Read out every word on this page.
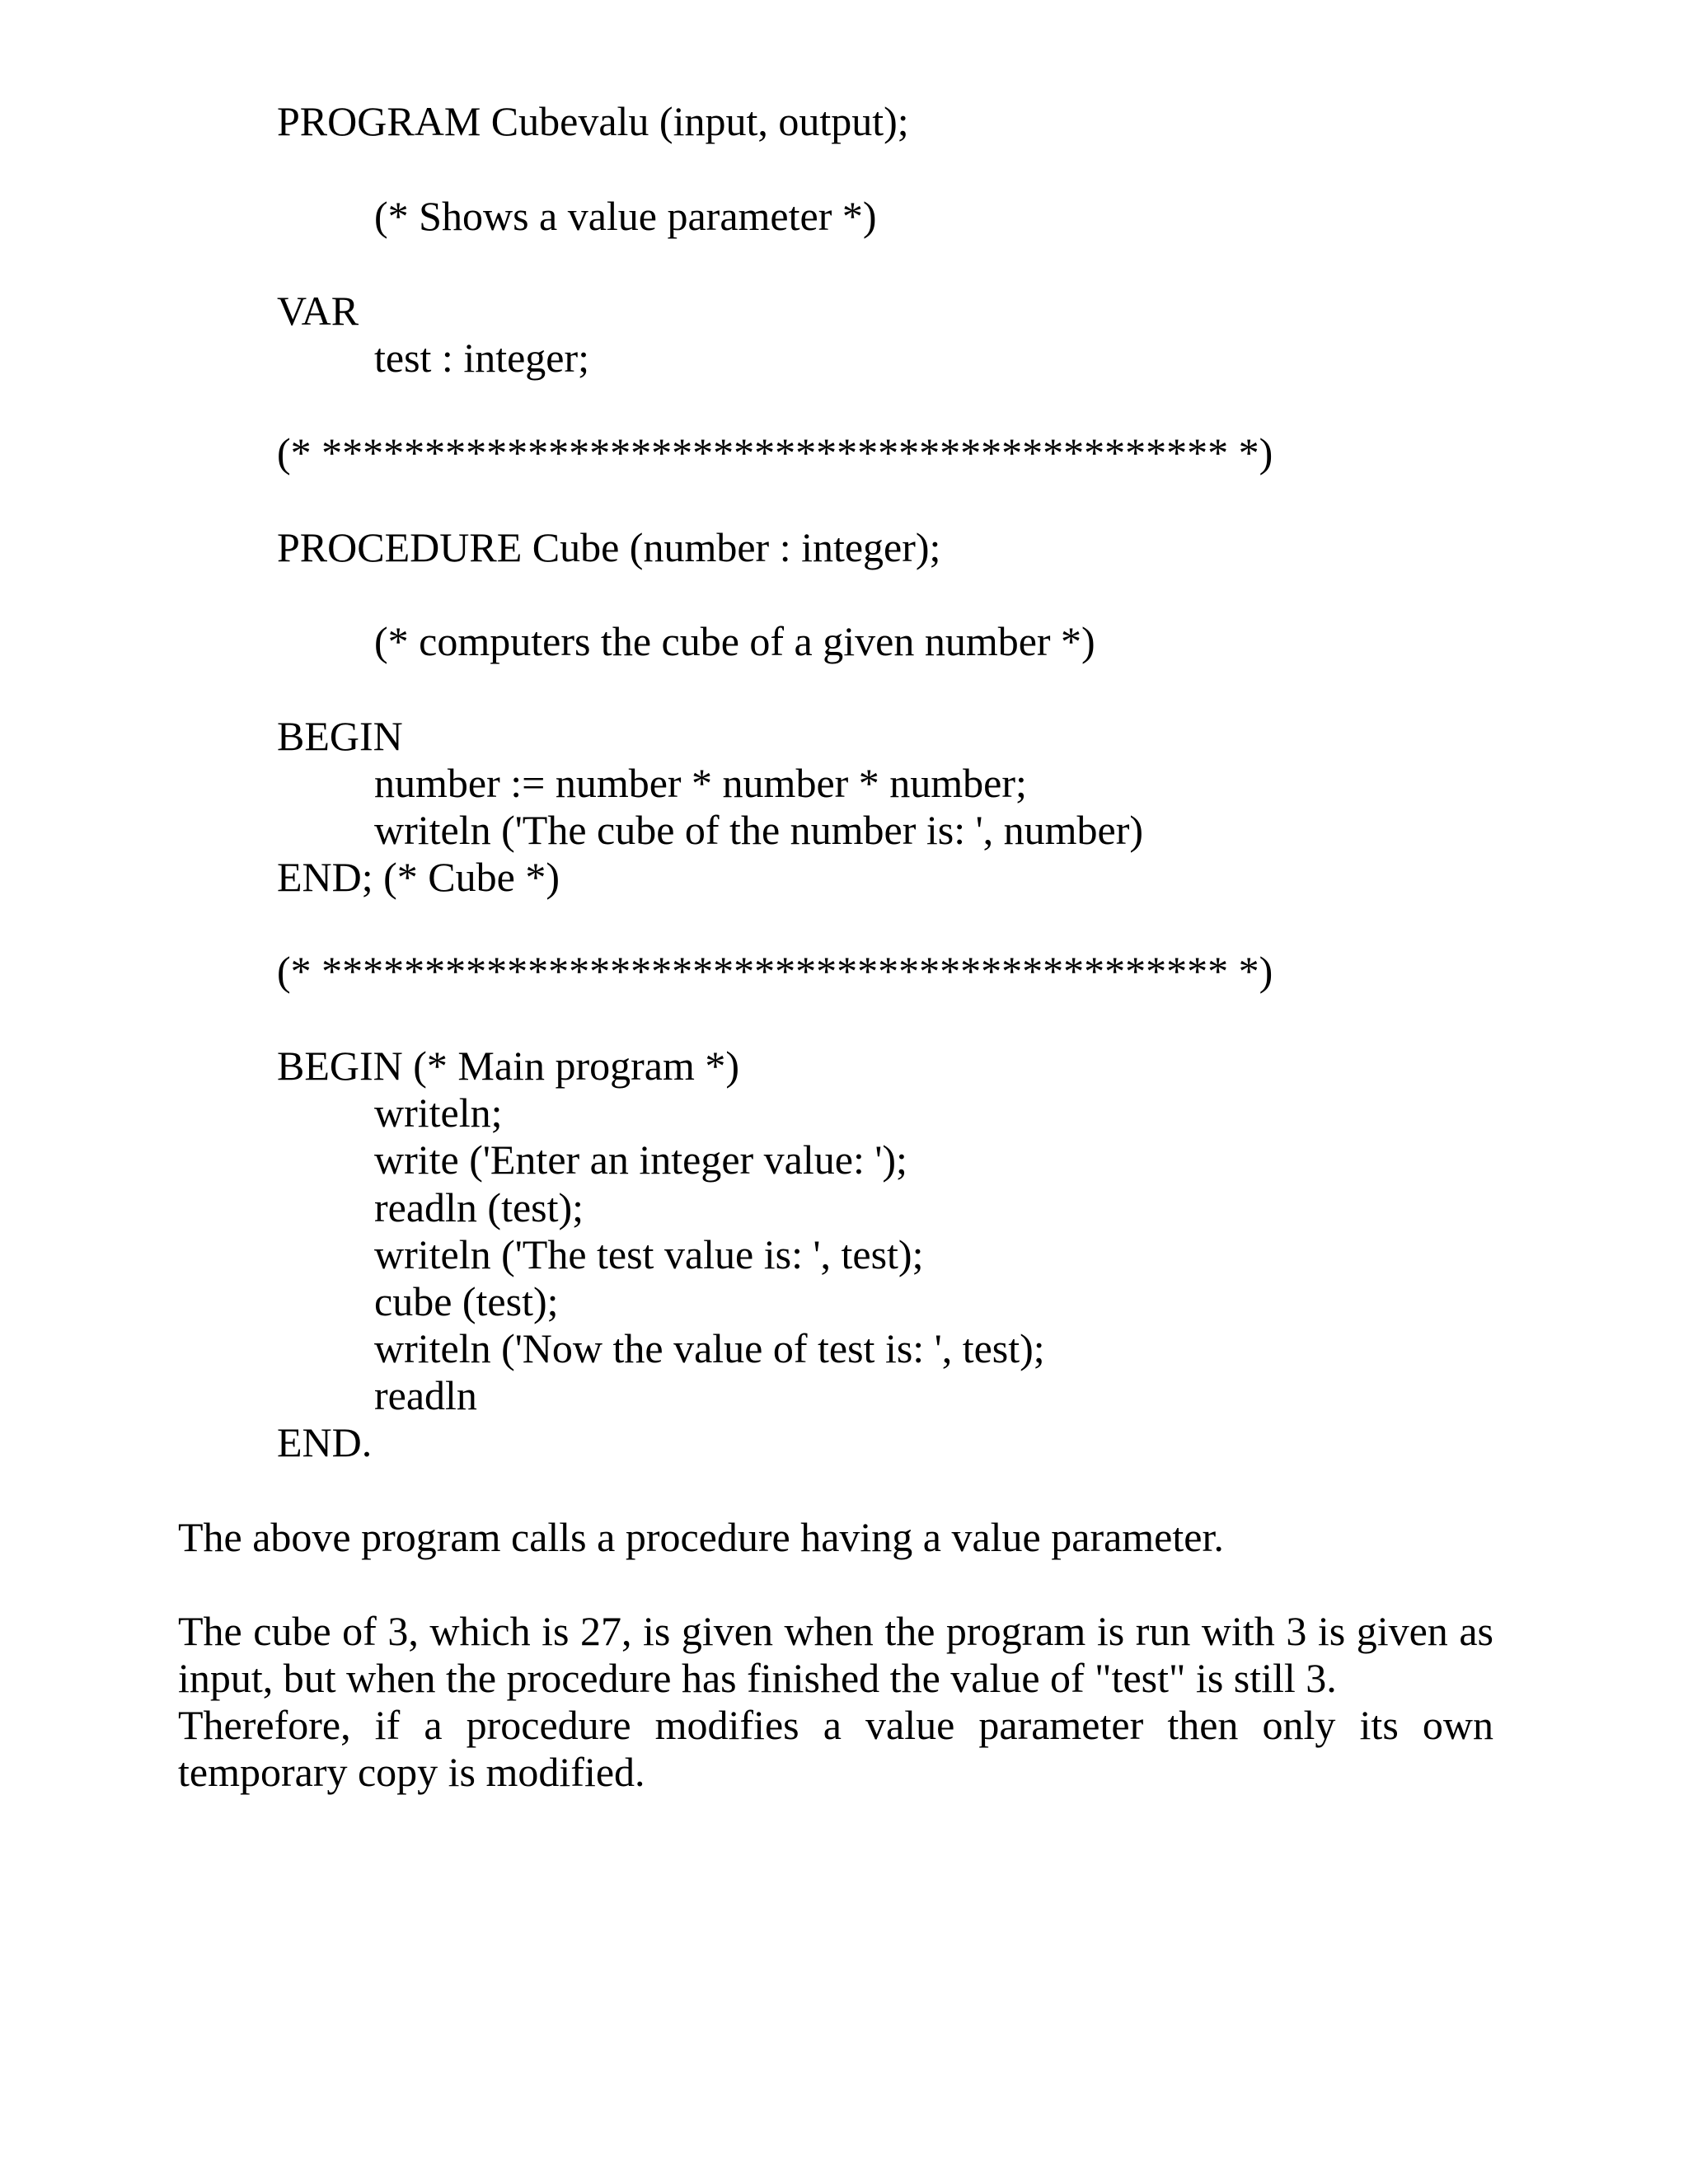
PROGRAM Cubevalu (input, output);

(* Shows a value parameter *)

VAR

test : integer;

(* ******************************************** *)

PROCEDURE Cube (number : integer);

(* computers the cube of a given number *)

BEGIN

number := number * number * number;

writeln ('The cube of the number is: ', number)

END; (* Cube *)

(* ******************************************** *)

BEGIN (* Main program *)

writeln;

write ('Enter an integer value: ');

readln (test);

writeln ('The test value is: ', test);

cube (test);

writeln ('Now the value of test is: ', test);

readln

END.

The above program calls a procedure having a value parameter.

The cube of 3, which is 27, is given when the program is run with 3 is given as

input, but when the procedure has finished the value of "test" is still 3.

Therefore, if a procedure modifies a value parameter then only its own

temporary copy is modified.
